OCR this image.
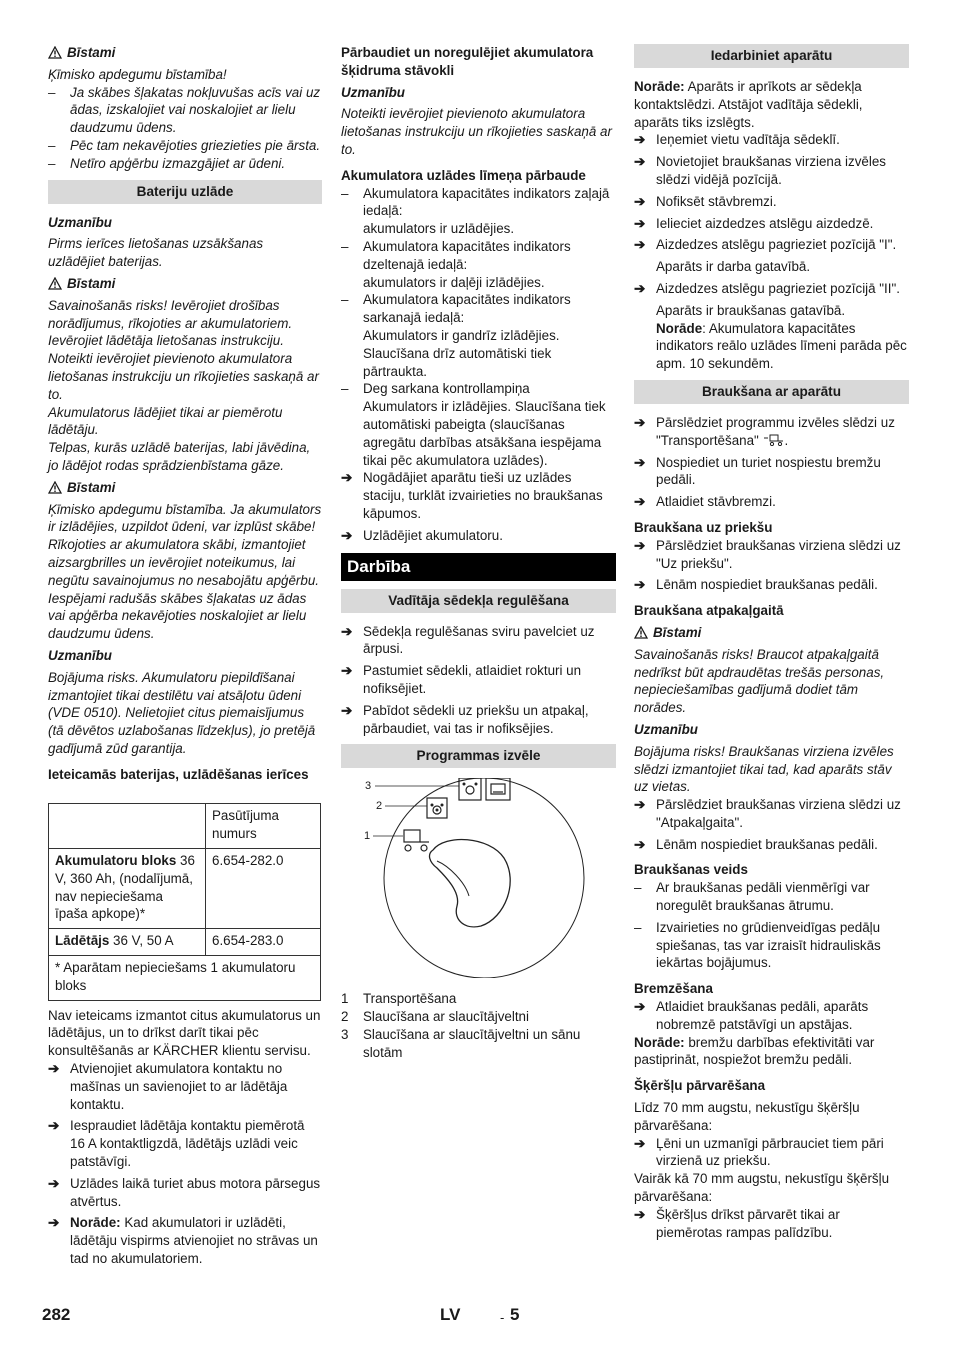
Bīstami

Ķīmisko apdegumu bīstamība!

–	Ja skābes šļakatas nokļuvušas acīs vai uz ādas, izskalojiet vai noskalojiet ar lielu daudzumu ūdens.
–	Pēc tam nekavējoties griezieties pie ārsta.
–	Netīro apģērbu izmazgājiet ar ūdeni.
Bateriju uzlāde

Uzmanību

Pirms ierīces lietošanas uzsākšanas uzlādējiet baterijas.

Bīstami

Savainošanās risks! Ievērojiet drošības norādījumus, rīkojoties ar akumulatoriem. Ievērojiet lādētāja lietošanas instrukciju. Noteikti ievērojiet pievienoto akumulatora lietošanas instrukciju un rīkojieties saskaņā ar to.

Akumulatorus lādējiet tikai ar piemērotu lādētāju.

Telpas, kurās uzlādē baterijas, labi jāvēdina, jo lādējot rodas sprādzienbīstama gāze.

Bīstami

Ķīmisko apdegumu bīstamība. Ja akumulators ir izlādējies, uzpildot ūdeni, var izplūst skābe! Rīkojoties ar akumulatora skābi, izmantojiet aizsargbrilles un ievērojiet noteikumus, lai negūtu savainojumus no nesabojātu apģērbu. Iespējami radušās skābes šļakatas uz ādas vai apģērba nekavējoties noskalojiet ar lielu daudzumu ūdens.

Uzmanību

Bojājuma risks. Akumulatoru piepildīšanai izmantojiet tikai destilētu vai atsāļotu ūdeni (VDE 0510). Nelietojiet citus piemaisījumus (tā dēvētos uzlabošanas līdzekļus), jo pretējā gadījumā zūd garantija.

Ieteicamās baterijas, uzlādēšanas ierīces

	Pasūtījuma numurs
Akumulatoru bloks 36 V, 360 Ah, (nodalījumā, nav nepieciešama īpaša apkope)*	6.654-282.0
Lādētājs 36 V, 50 A	6.654-283.0
* Aparātam nepieciešams 1 akumulatoru bloks	

Nav ieteicams izmantot citus akumulatorus un lādētājus, un to drīkst darīt tikai pēc konsultēšanās ar KÄRCHER klientu servisu.

➔ Atvienojiet akumulatora kontaktu no mašīnas un savienojiet to ar lādētāja kontaktu.
➔ Iespraudiet lādētāja kontaktu piemērotā 16 A kontaktligzdā, lādētājs uzlādi veic patstāvīgi.
➔ Uzlādes laikā turiet abus motora pārsegus atvērtus.
➔ Norāde: Kad akumulatori ir uzlādēti, lādētāju vispirms atvienojiet no strāvas un tad no akumulatoriem.

Pārbaudiet un noregulējiet akumulatora šķidruma stāvokli

Uzmanību

Noteikti ievērojiet pievienoto akumulatora lietošanas instrukciju un rīkojieties saskaņā ar to.

Akumulatora uzlādes līmeņa pārbaude

–	Akumulatora kapacitātes indikators zaļajā iedaļā:

akumulators ir uzlādējies.

–	Akumulatora kapacitātes indikators dzeltenajā iedaļā:

akumulators ir daļēji izlādējies.

–	Akumulatora kapacitātes indikators sarkanajā iedaļā:

Akumulators ir gandrīz izlādējies. Slaucīšana drīz automātiski tiek pārtraukta.

–	Deg sarkana kontrollampiņa

Akumulators ir izlādējies. Slaucīšana tiek automātiski pabeigta (slaucīšanas agregātu darbības atsākšana iespējama tikai pēc akumulatora uzlādes).

➔ Nogādājiet aparātu tieši uz uzlādes staciju, turklāt izvairieties no braukšanas kāpumos.
➔ Uzlādējiet akumulatoru.
Darbība
Vadītāja sēdekļa regulēšana
➔ Sēdekļa regulēšanas sviru pavelciet uz ārpusi.
➔ Pastumiet sēdekli, atlaidiet rokturi un nofiksējiet.
➔ Pabīdot sēdekli uz priekšu un atpakaļ, pārbaudiet, vai tas ir nofiksējies.
Programmas izvēle
3
2
1
1	Transportēšana
2	Slaucīšana ar slaucītājveltni
3	Slaucīšana ar slaucītājveltni un sānu slotām
Iedarbiniet aparātu

Norāde: Aparāts ir aprīkots ar sēdekļa kontaktslēdzi. Atstājot vadītāja sēdekli, aparāts tiks izslēgts.

➔ Ieņemiet vietu vadītāja sēdeklī.
➔ Novietojiet braukšanas virziena izvēles slēdzi vidējā pozīcijā.
➔ Nofiksēt stāvbremzi.
➔ Ielieciet aizdedzes atslēgu aizdedzē.
➔ Aizdedzes atslēgu pagrieziet pozīcijā "I".

Aparāts ir darba gatavībā.

➔ Aizdedzes atslēgu pagrieziet pozīcijā "II".

Aparāts ir braukšanas gatavībā.

Norāde: Akumulatora kapacitātes indikators reālo uzlādes līmeni parāda pēc apm. 10 sekundēm.

Braukšana ar aparātu
➔ Pārslēdziet programmu izvēles slēdzi uz "Transportēšana" .
➔ Nospiediet un turiet nospiestu bremžu pedāli.
➔ Atlaidiet stāvbremzi.

Braukšana uz priekšu

➔ Pārslēdziet braukšanas virziena slēdzi uz "Uz priekšu".
➔ Lēnām nospiediet braukšanas pedāli.

Braukšana atpakaļgaitā

Bīstami

Savainošanās risks! Braucot atpakaļgaitā nedrīkst būt apdraudētas trešās personas, nepieciešamības gadījumā dodiet tām norādes.

Uzmanību

Bojājuma risks! Braukšanas virziena izvēles slēdzi izmantojiet tikai tad, kad aparāts stāv uz vietas.

➔ Pārslēdziet braukšanas virziena slēdzi uz "Atpakaļgaita".
➔ Lēnām nospiediet braukšanas pedāli.

Braukšanas veids

–	Ar braukšanas pedāli vienmērīgi var noregulēt braukšanas ātrumu.
–	Izvairieties no grūdienveidīgas pedāļu spiešanas, tas var izraisīt hidrauliskās iekārtas bojājumus.

Bremzēšana

➔ Atlaidiet braukšanas pedāli, aparāts nobremzē patstāvīgi un apstājas.

Norāde: bremžu darbības efektivitāti var pastiprināt, nospiežot bremžu pedāli.

Šķēršļu pārvarēšana

Līdz 70 mm augstu, nekustīgu šķēršļu pārvarēšana:

➔ Ļēni un uzmanīgi pārbrauciet tiem pāri virzienā uz priekšu.

Vairāk kā 70 mm augstu, nekustīgu šķēršļu pārvarēšana:

➔ Šķēršļus drīkst pārvarēt tikai ar piemērotas rampas palīdzību.
282	LV	- 5
